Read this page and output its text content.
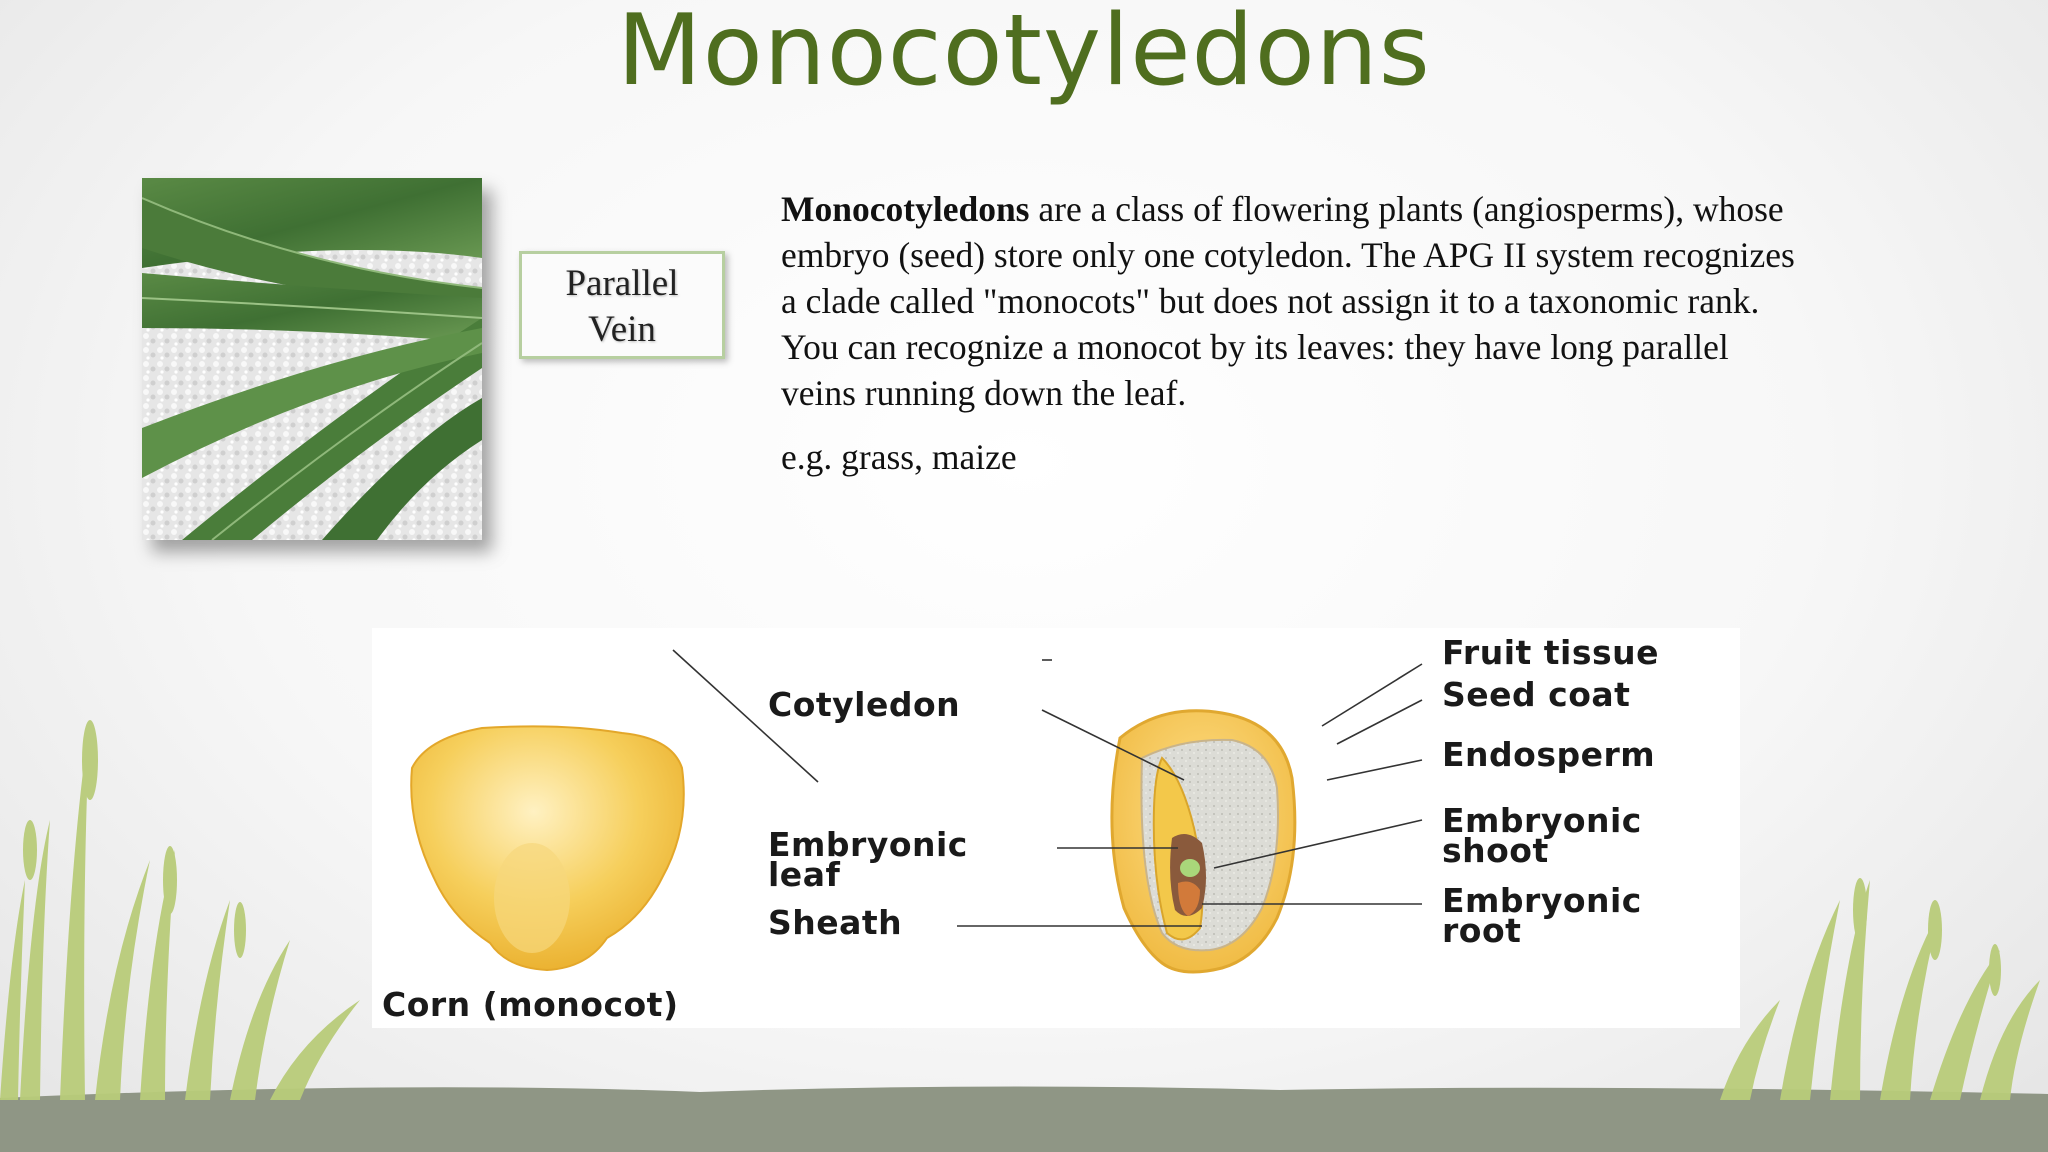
Monocotyledons
Parallel
Vein
Monocotyledons are a class of flowering plants (angiosperms), whose embryo (seed) store only one cotyledon. The APG II system recognizes a clade called "monocots" but does not assign it to a taxonomic rank. You can recognize a monocot by its leaves: they have long parallel veins running down the leaf.
e.g. grass, maize
Cotyledon
Embryonic
leaf
Sheath
Fruit tissue
Seed coat
Endosperm
Embryonic
shoot
Embryonic
root
Corn (monocot)
